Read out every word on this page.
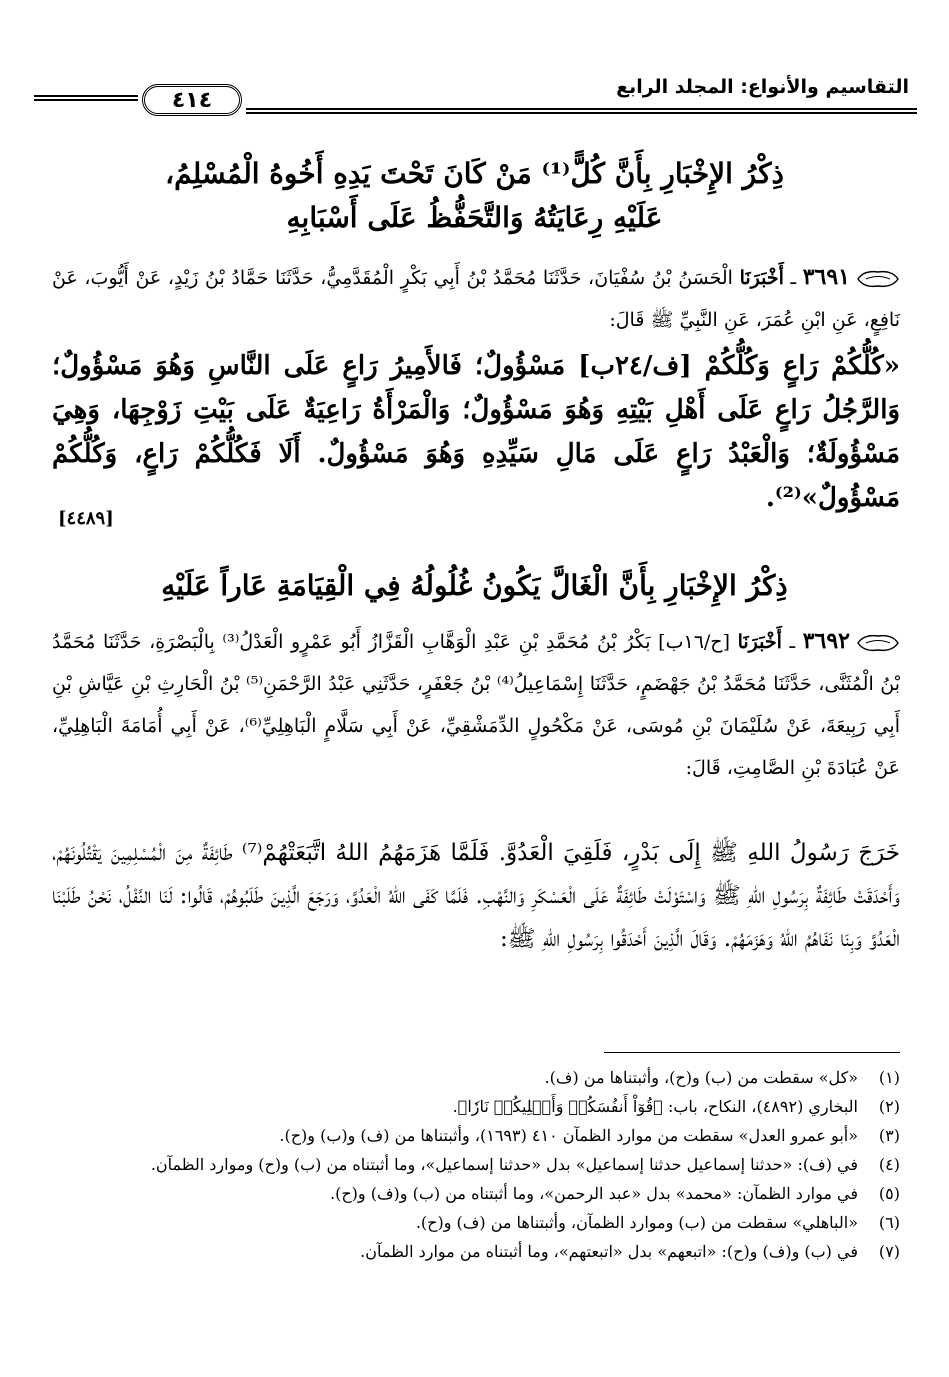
٤١٤
التقاسيم والأنواع: المجلد الرابع
ذِكْرُ الإِخْبَارِ بِأَنَّ كُلًّ⁽¹⁾ مَنْ كَانَ تَحْتَ يَدِهِ أَخُوهُ الْمُسْلِمُ،
عَلَيْهِ رِعَايَتُهُ وَالتَّحَفُّظُ عَلَى أَسْبَابِهِ
٣٦٩١ ـ أَخْبَرَنَا الْحَسَنُ بْنُ سُفْيَانَ، حَدَّثَنَا مُحَمَّدُ بْنُ أَبِي بَكْرٍ الْمُقَدَّمِيُّ، حَدَّثَنَا حَمَّادُ بْنُ زَيْدٍ، عَنْ أَيُّوبَ، عَنْ نَافِعٍ، عَنِ ابْنِ عُمَرَ، عَنِ النَّبِيِّ ﷺ قَالَ:
«كُلُّكُمْ رَاعٍ وَكُلُّكُمْ [ف/٢٤ب] مَسْؤُولٌ؛ فَالأَمِيرُ رَاعٍ عَلَى النَّاسِ وَهُوَ مَسْؤُولٌ؛ وَالرَّجُلُ رَاعٍ عَلَى أَهْلِ بَيْتِهِ وَهُوَ مَسْؤُولٌ؛ وَالْمَرْأَةُ رَاعِيَةٌ عَلَى بَيْتِ زَوْجِهَا، وَهِيَ مَسْؤُولَةٌ؛ وَالْعَبْدُ رَاعٍ عَلَى مَالِ سَيِّدِهِ وَهُوَ مَسْؤُولٌ. أَلَا فَكُلُّكُمْ رَاعٍ، وَكُلُّكُمْ مَسْؤُولٌ»⁽²⁾.
[٤٤٨٩]
ذِكْرُ الإِخْبَارِ بِأَنَّ الْغَالَّ يَكُونُ غُلُولُهُ فِي الْقِيَامَةِ عَاراً عَلَيْهِ
٣٦٩٢ ـ أَخْبَرَنَا [ح/١٦ب] بَكْرُ بْنُ مُحَمَّدِ بْنِ عَبْدِ الْوَهَّابِ الْقَزَّازُ أَبُو عَمْرٍو الْعَدْلُ⁽³⁾ بِالْبَصْرَةِ، حَدَّثَنَا مُحَمَّدُ بْنُ الْمُثَنَّى، حَدَّثَنَا مُحَمَّدُ بْنُ جَهْضَمٍ، حَدَّثَنَا إِسْمَاعِيلُ⁽⁴⁾ بْنُ جَعْفَرٍ، حَدَّثَنِي عَبْدُ الرَّحْمَنِ⁽⁵⁾ بْنُ الْحَارِثِ بْنِ عَيَّاشِ بْنِ أَبِي رَبِيعَةَ، عَنْ سُلَيْمَانَ بْنِ مُوسَى، عَنْ مَكْحُولٍ الدِّمَشْقِيِّ، عَنْ أَبِي سَلَّامٍ الْبَاهِلِيِّ⁽⁶⁾، عَنْ أَبِي أُمَامَةَ الْبَاهِلِيِّ، عَنْ عُبَادَةَ بْنِ الصَّامِتِ، قَالَ:
خَرَجَ رَسُولُ اللهِ ﷺ إِلَى بَدْرٍ، فَلَقِيَ الْعَدُوَّ. فَلَمَّا هَزَمَهُمُ اللهُ اتَّبَعَتْهُمْ⁽⁷⁾ طَائِفَةٌ مِنَ الْمُسْلِمِينَ يَقْتُلُونَهُمْ، وَأَحْدَقَتْ طَائِفَةٌ بِرَسُولِ اللهِ ﷺ وَاسْتَوْلَتْ طَائِفَةٌ عَلَى الْعَسْكَرِ وَالنَّهْبِ. فَلَمَّا كَفَى اللهُ الْعَدُوَّ، وَرَجَعَ الَّذِينَ طَلَبُوهُمْ، قَالُوا: لَنَا النَّفْلُ، نَحْنُ طَلَبْنَا الْعَدُوَّ وَبِنَا نَفَاهُمُ اللهُ وَهَزَمَهُمْ. وَقَالَ الَّذِينَ أَحْدَقُوا بِرَسُولِ اللهِ ﷺ:
(١)
«كل» سقطت من (ب) و(ح)، وأثبتناها من (ف).
(٢)
البخاري (٤٨٩٢)، النكاح، باب: ﴿قُوٓاْ أَنفُسَكُمۡ وَأَهۡلِيكُمۡ نَارٗا﴾.
(٣)
«أبو عمرو العدل» سقطت من موارد الظمآن ٤١٠ (١٦٩٣)، وأثبتناها من (ف) و(ب) و(ح).
(٤)
في (ف): «حدثنا إسماعيل حدثنا إسماعيل» بدل «حدثنا إسماعيل»، وما أثبتناه من (ب) و(ح) وموارد الظمآن.
(٥)
في موارد الظمآن: «محمد» بدل «عبد الرحمن»، وما أثبتناه من (ب) و(ف) و(ح).
(٦)
«الباهلي» سقطت من (ب) وموارد الظمآن، وأثبتناها من (ف) و(ح).
(٧)
في (ب) و(ف) و(ح): «اتبعهم» بدل «اتبعتهم»، وما أثبتناه من موارد الظمآن.
